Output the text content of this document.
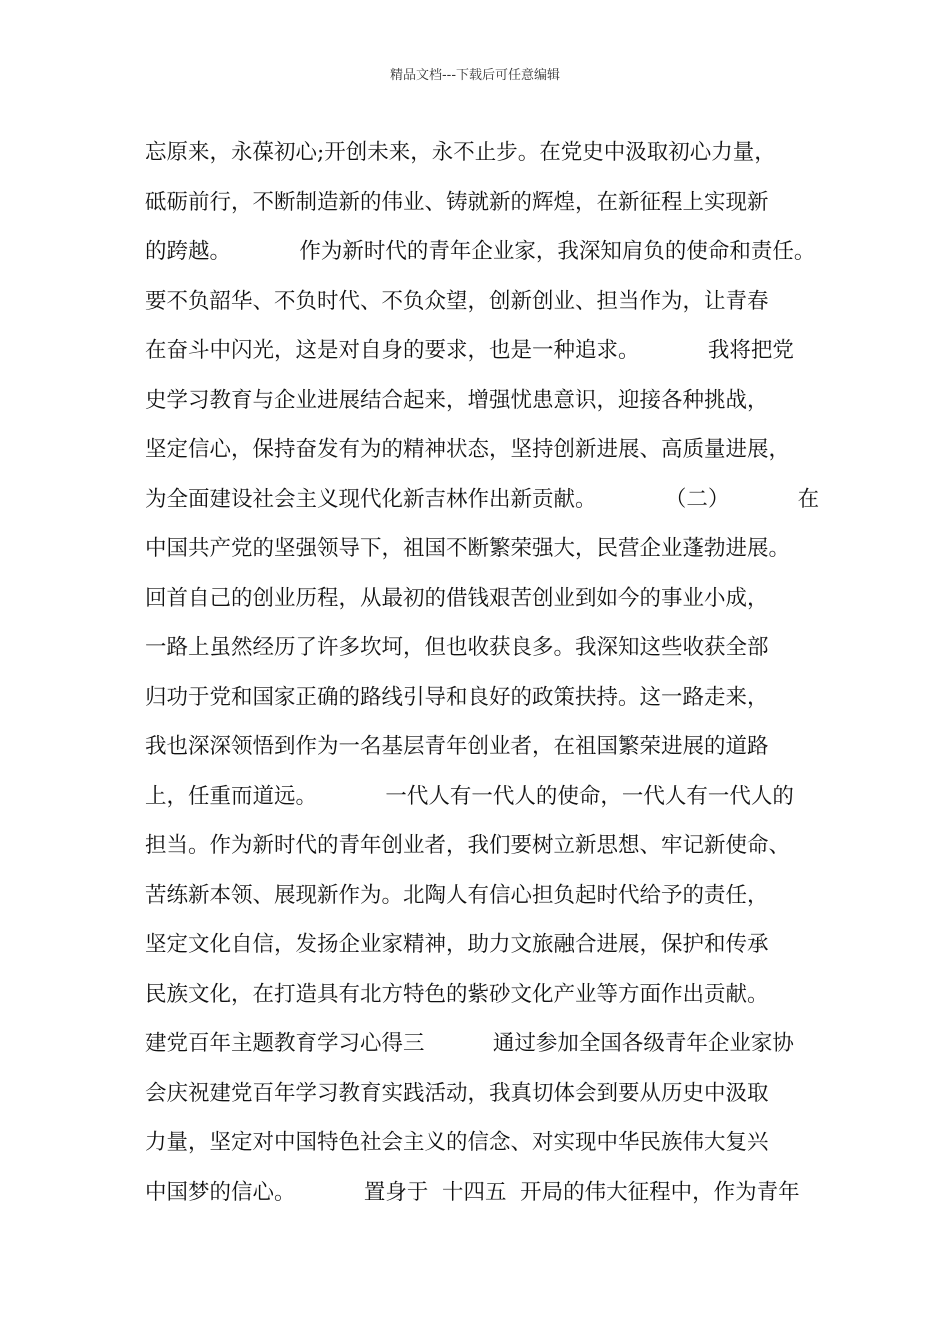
精品文档---下载后可任意编辑
忘原来，永葆初心;开创未来，永不止步。在党史中汲取初心力量，
砥砺前行，不断制造新的伟业、铸就新的辉煌，在新征程上实现新
的跨越。          作为新时代的青年企业家，我深知肩负的使命和责任。
要不负韶华、不负时代、不负众望，创新创业、担当作为，让青春
在奋斗中闪光，这是对自身的要求，也是一种追求。          我将把党
史学习教育与企业进展结合起来，增强忧患意识，迎接各种挑战，
坚定信心，保持奋发有为的精神状态，坚持创新进展、高质量进展，
为全面建设社会主义现代化新吉林作出新贡献。          （二）          在
中国共产党的坚强领导下，祖国不断繁荣强大，民营企业蓬勃进展。
回首自己的创业历程，从最初的借钱艰苦创业到如今的事业小成，
一路上虽然经历了许多坎坷，但也收获良多。我深知这些收获全部
归功于党和国家正确的路线引导和良好的政策扶持。这一路走来，
我也深深领悟到作为一名基层青年创业者，在祖国繁荣进展的道路
上，任重而道远。          一代人有一代人的使命，一代人有一代人的
担当。作为新时代的青年创业者，我们要树立新思想、牢记新使命、
苦练新本领、展现新作为。北陶人有信心担负起时代给予的责任，
坚定文化自信，发扬企业家精神，助力文旅融合进展，保护和传承
民族文化，在打造具有北方特色的紫砂文化产业等方面作出贡献。
建党百年主题教育学习心得三          通过参加全国各级青年企业家协
会庆祝建党百年学习教育实践活动，我真切体会到要从历史中汲取
力量，坚定对中国特色社会主义的信念、对实现中华民族伟大复兴
中国梦的信心。          置身于  十四五  开局的伟大征程中，作为青年
